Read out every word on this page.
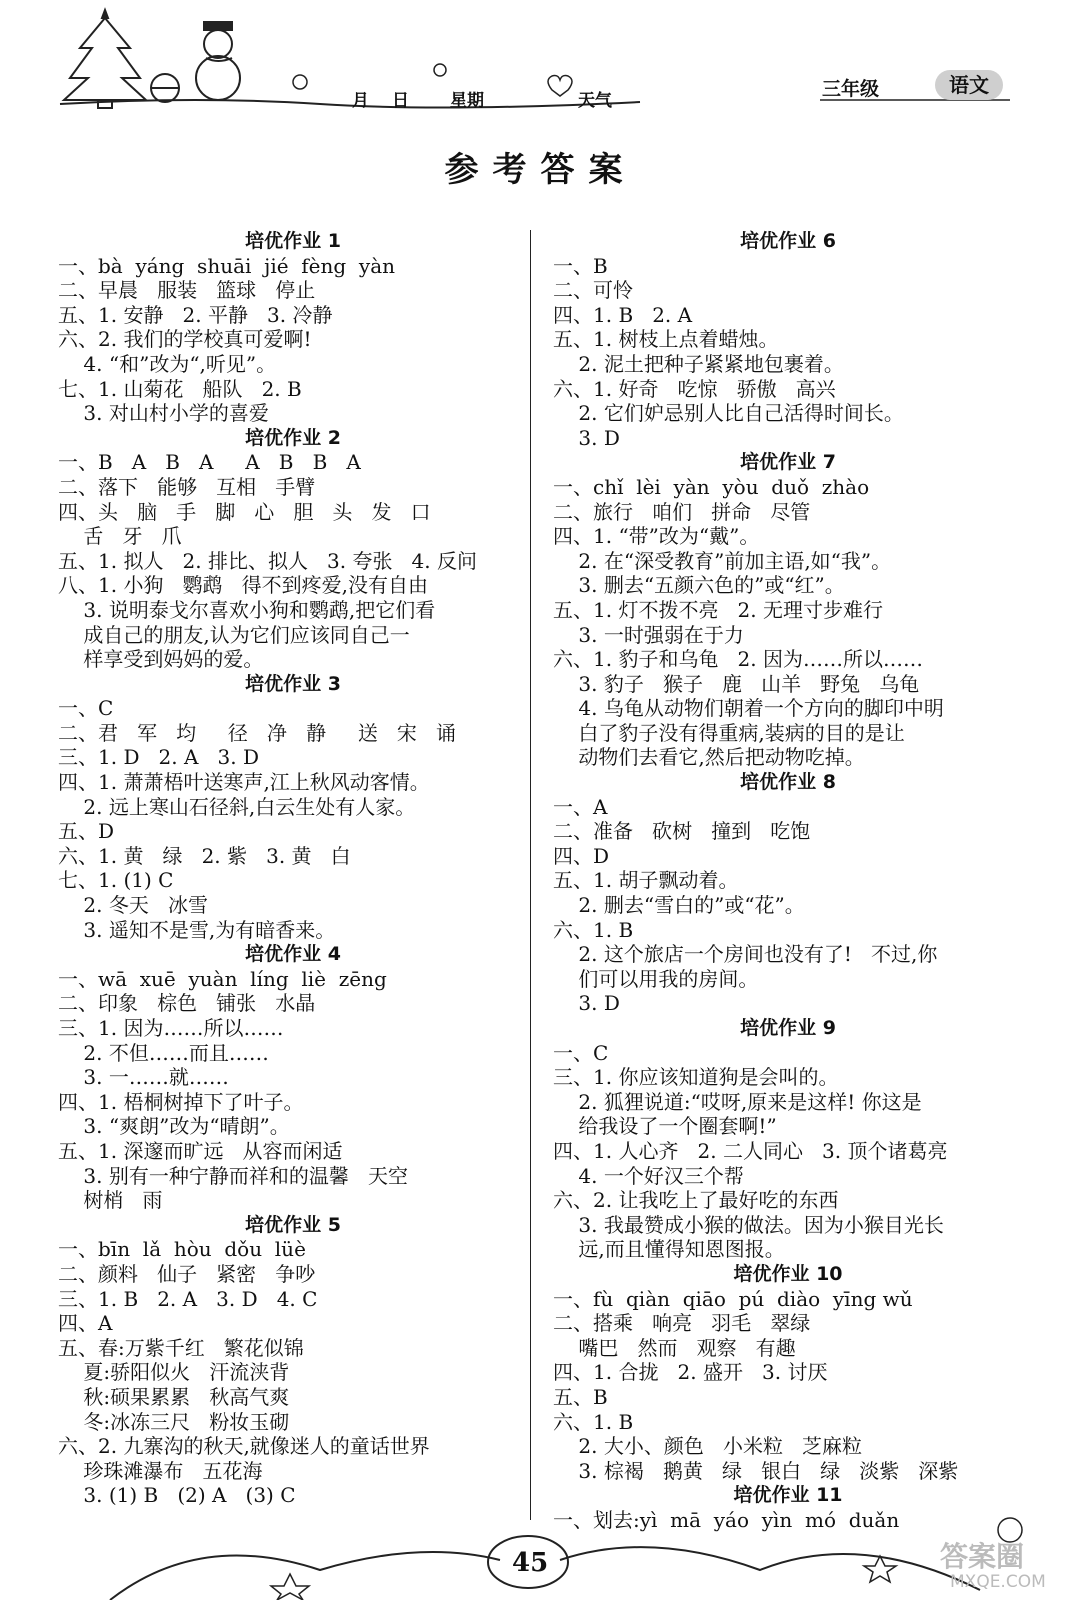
月 日 星期	天气
三年级	语文
参考答案
培优作业 1
一、bà  yáng  shuāi  jié  fèng  yàn
二、早晨   服装   篮球   停止
五、1. 安静   2. 平静   3. 冷静
六、2. 我们的学校真可爱啊!
4. “和”改为“,听见”。
七、1. 山菊花   船队   2. B
3. 对山村小学的喜爱
培优作业 2
一、B   A   B   A     A   B   B   A
二、落下   能够   互相   手臂
四、头   脑   手   脚   心   胆   头   发   口
舌   牙   爪
五、1. 拟人   2. 排比、拟人   3. 夸张   4. 反问
八、1. 小狗   鹦鹉   得不到疼爱,没有自由
3. 说明泰戈尔喜欢小狗和鹦鹉,把它们看
成自己的朋友,认为它们应该同自己一
样享受到妈妈的爱。
培优作业 3
一、C
二、君   军   均     径   净   静     送   宋   诵
三、1. D   2. A   3. D
四、1. 萧萧梧叶送寒声,江上秋风动客情。
2. 远上寒山石径斜,白云生处有人家。
五、D
六、1. 黄   绿   2. 紫   3. 黄   白
七、1. (1) C
2. 冬天   冰雪
3. 遥知不是雪,为有暗香来。
培优作业 4
一、wā  xuē  yuàn  líng  liè  zēng
二、印象   棕色   铺张   水晶
三、1. 因为……所以……
2. 不但……而且……
3. 一……就……
四、1. 梧桐树掉下了叶子。
3. “爽朗”改为“晴朗”。
五、1. 深邃而旷远   从容而闲适
3. 别有一种宁静而祥和的温馨   天空
树梢   雨
培优作业 5
一、bīn  lǎ  hòu  dǒu  lüè
二、颜料   仙子   紧密   争吵
三、1. B   2. A   3. D   4. C
四、A
五、春:万紫千红   繁花似锦
夏:骄阳似火   汗流浃背
秋:硕果累累   秋高气爽
冬:冰冻三尺   粉妆玉砌
六、2. 九寨沟的秋天,就像迷人的童话世界
珍珠滩瀑布   五花海
3. (1) B   (2) A   (3) C
培优作业 6
一、B
二、可怜
四、1. B   2. A
五、1. 树枝上点着蜡烛。
2. 泥土把种子紧紧地包裹着。
六、1. 好奇   吃惊   骄傲   高兴
2. 它们妒忌别人比自己活得时间长。
3. D
培优作业 7
一、chǐ  lèi  yàn  yòu  duǒ  zhào
二、旅行   咱们   拼命   尽管
四、1. “带”改为“戴”。
2. 在“深受教育”前加主语,如“我”。
3. 删去“五颜六色的”或“红”。
五、1. 灯不拨不亮   2. 无理寸步难行
3. 一时强弱在于力
六、1. 豹子和乌龟   2. 因为……所以……
3. 豹子   猴子   鹿   山羊   野兔   乌龟
4. 乌龟从动物们朝着一个方向的脚印中明
白了豹子没有得重病,装病的目的是让
动物们去看它,然后把动物吃掉。
培优作业 8
一、A
二、准备   砍树   撞到   吃饱
四、D
五、1. 胡子飘动着。
2. 删去“雪白的”或“花”。
六、1. B
2. 这个旅店一个房间也没有了!   不过,你
们可以用我的房间。
3. D
培优作业 9
一、C
三、1. 你应该知道狗是会叫的。
2. 狐狸说道:“哎呀,原来是这样! 你这是
给我设了一个圈套啊!”
四、1. 人心齐   2. 二人同心   3. 顶个诸葛亮
4. 一个好汉三个帮
六、2. 让我吃上了最好吃的东西
3. 我最赞成小猴的做法。因为小猴目光长
远,而且懂得知恩图报。
培优作业 10
一、fù  qiàn  qiāo  pú  diào  yīng wǔ
二、搭乘   响亮   羽毛   翠绿
嘴巴   然而   观察   有趣
四、1. 合拢   2. 盛开   3. 讨厌
五、B
六、1. B
2. 大小、颜色   小米粒   芝麻粒
3. 棕褐   鹅黄   绿   银白   绿   淡紫   深紫
培优作业 11
一、划去:yì  mā  yáo  yìn  mó  duǎn
45	答案圈
MXQE.COM
